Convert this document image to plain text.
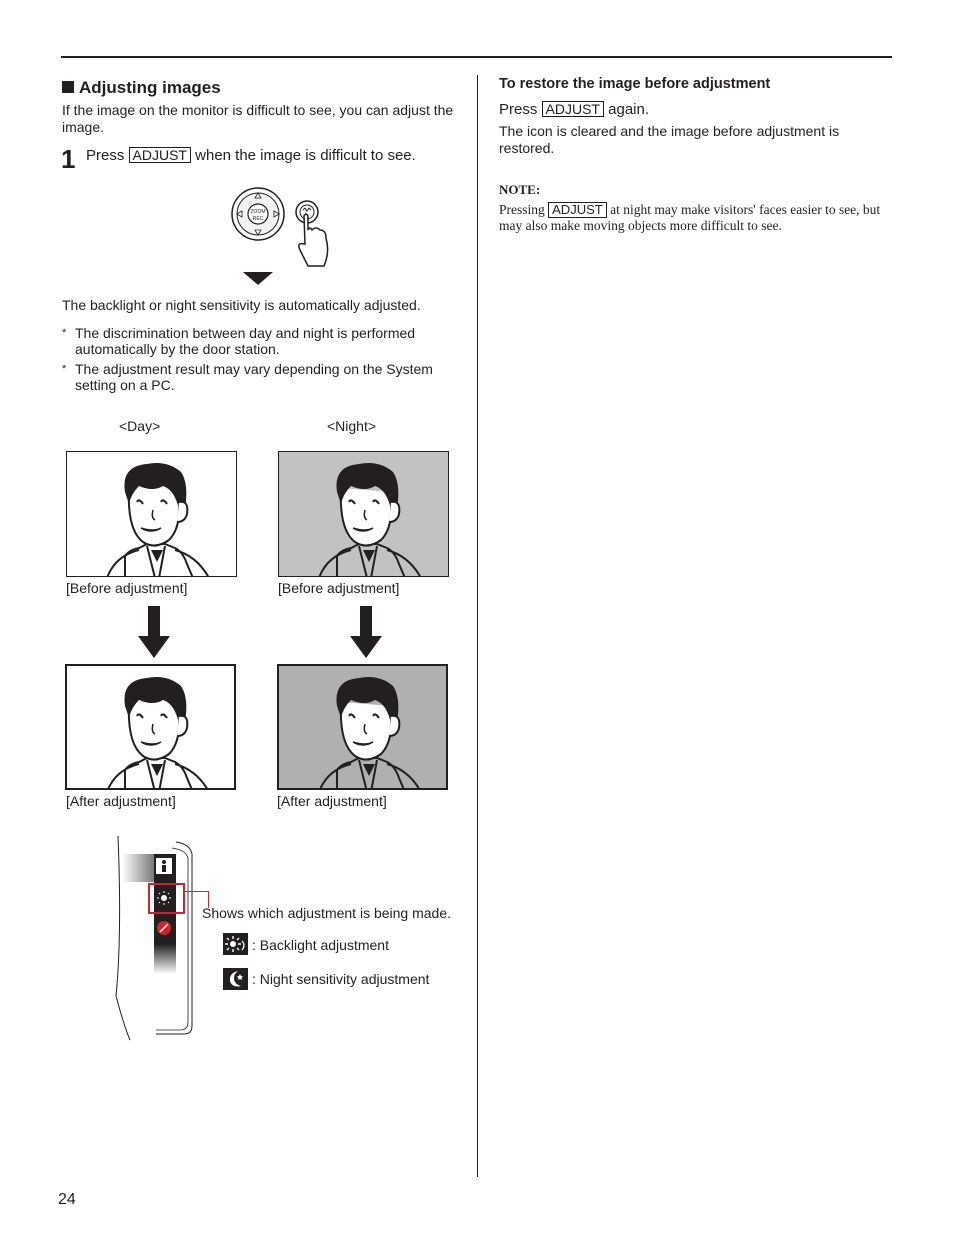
Adjusting images
If the image on the monitor is difficult to see, you can adjust the image.
1 Press ADJUST when the image is difficult to see.
ZOOM
REC
The backlight or night sensitivity is automatically adjusted.
* The discrimination between day and night is performed automatically by the door station.
* The adjustment result may vary depending on the System setting on a PC.
<Day>	<Night>
[Before adjustment]	[Before adjustment]
[After adjustment]	[After adjustment]
Shows which adjustment is being made.
: Backlight adjustment
: Night sensitivity adjustment
To restore the image before adjustment
Press ADJUST again.
The icon is cleared and the image before adjustment is restored.
NOTE:
Pressing ADJUST at night may make visitors' faces easier to see, but may also make moving objects more difficult to see.
24
